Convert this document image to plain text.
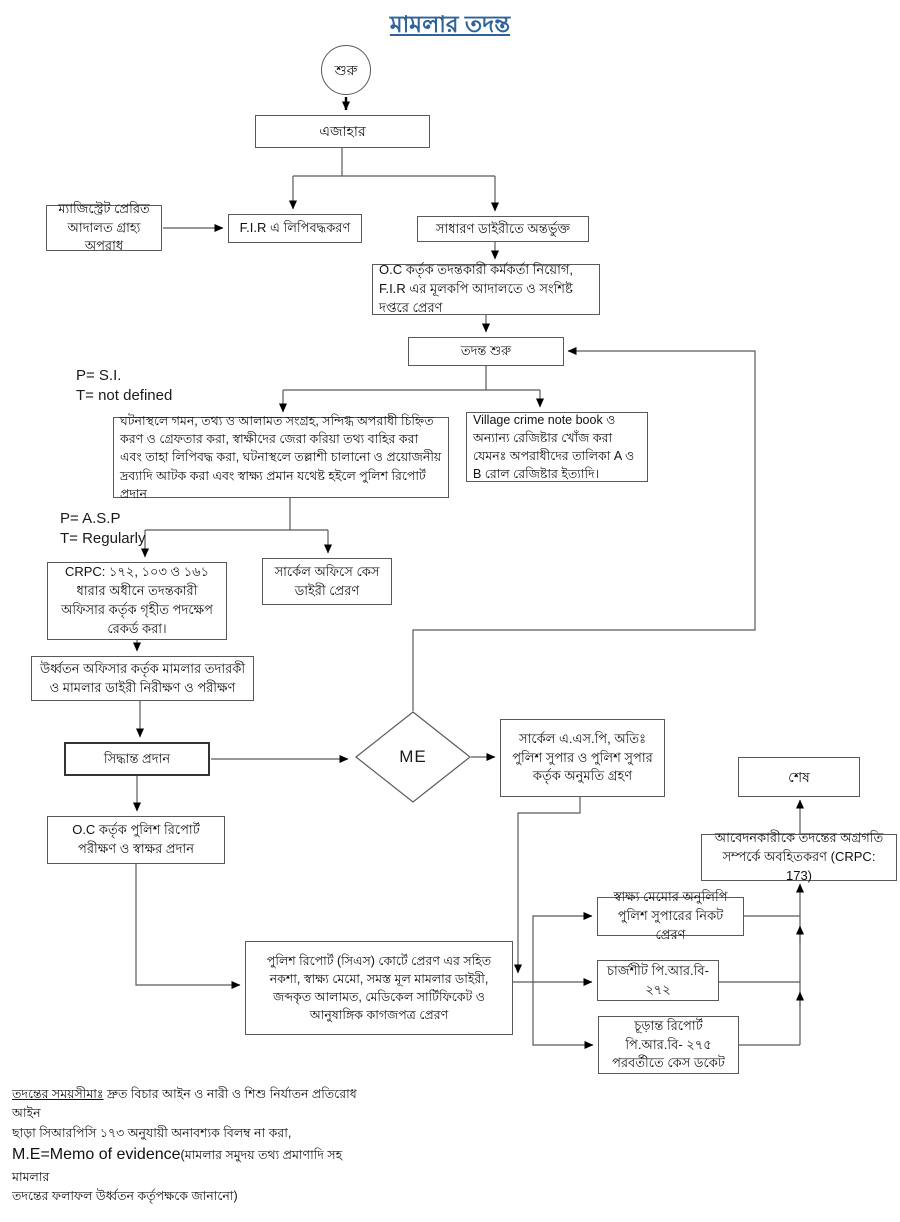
মামলার তদন্ত
শুরু
এজাহার
ম্যাজিস্ট্রেট প্রেরিত আদালত গ্রাহ্য অপরাধ
F.I.R এ লিপিবদ্ধকরণ	সাধারণ ডাইরীতে অন্তর্ভুক্ত
O.C কর্তৃক তদন্তকারী কর্মকর্তা নিয়োগ, F.I.R এর মূলকপি আদালতে ও সংশিষ্ট দপ্তরে প্রেরণ
তদন্ত শুরু
ঘটনাস্থলে গমন, তথ্য ও আলামত সংগ্রহ, সন্দিগ্ধ অপরাধী চিহ্নিত করণ ও গ্রেফতার করা, স্বাক্ষীদের জেরা করিয়া তথ্য বাহির করা এবং তাহা লিপিবদ্ধ করা, ঘটনাস্থলে তল্লাশী চালানো ও প্রয়োজনীয় দ্রব্যাদি আটক করা এবং স্বাক্ষ্য প্রমান যথেষ্ট হইলে পুলিশ রিপোর্ট প্রদান
Village crime note book ও অন্যান্য রেজিষ্টার খোঁজ করা যেমনঃ অপরাধীদের তালিকা A ও B রোল রেজিষ্টার ইত্যাদি।
CRPC: ১৭২, ১০৩ ও ১৬১ ধারার অধীনে তদন্তকারী অফিসার কর্তৃক গৃহীত পদক্ষেপ রেকর্ড করা।
সার্কেল অফিসে কেস ডাইরী প্রেরণ
উর্ধ্বতন অফিসার কর্তৃক মামলার তদারকী ও মামলার ডাইরী নিরীক্ষণ ও পরীক্ষণ
সিদ্ধান্ত প্রদান	ME
সার্কেল এ.এস.পি, অতিঃ পুলিশ সুপার ও পুলিশ সুপার কর্তৃক অনুমতি গ্রহণ
O.C কর্তৃক পুলিশ রিপোর্ট পরীক্ষণ ও স্বাক্ষর প্রদান
পুলিশ রিপোর্ট (সিএস) কোর্টে প্রেরণ এর সহিত নকশা, স্বাক্ষ্য মেমো, সমস্ত মূল মামলার ডাইরী, জব্দকৃত আলামত, মেডিকেল সার্টিফিকেট ও আনুষাঙ্গিক কাগজপত্র প্রেরণ
স্বাক্ষ্য মেমোর অনুলিপি পুলিশ সুপারের নিকট প্রেরণ
চার্জশীট পি.আর.বি- ২৭২
চূড়ান্ত রিপোর্ট পি.আর.বি- ২৭৫ পরবর্তীতে কেস ডকেট
আবেদনকারীকে তদন্তের অগ্রগতি সম্পর্কে অবহিতকরণ (CRPC: 173)
শেষ
P= S.I.
T= not defined
P= A.S.P
T= Regularly
তদন্তের সময়সীমাঃ দ্রুত বিচার আইন ও নারী ও শিশু নির্যাতন প্রতিরোধ আইন
ছাড়া সিআরপিসি ১৭৩ অনুযায়ী অনাবশ্যক বিলম্ব না করা,
M.E=Memo of evidence(মামলার সমুদয় তথ্য প্রমাণাদি সহ মামলার
তদন্তের ফলাফল উর্ধ্বতন কর্তৃপক্ষকে জানানো)
